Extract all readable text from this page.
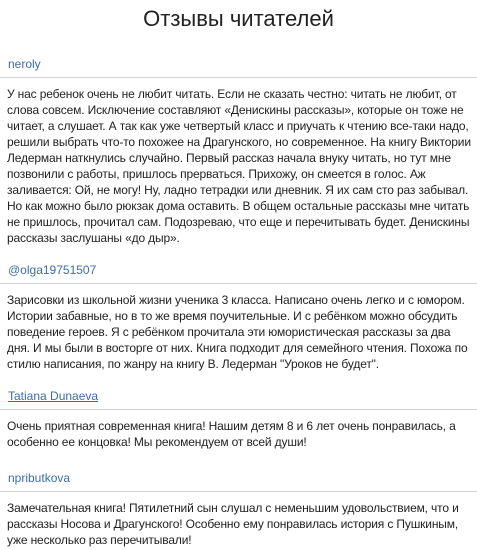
Отзывы читателей
neroly

У нас ребенок очень не любит читать. Если не сказать честно: читать не любит, от слова совсем. Исключение составляют «Денискины рассказы», которые он тоже не читает, а слушает. А так как уже четвертый класс и приучать к чтению все-таки надо, решили выбрать что-то похожее на Драгунского, но современное. На книгу Виктории Ледерман наткнулись случайно. Первый рассказ начала внуку читать, но тут мне позвонили с работы, пришлось прерваться. Прихожу, он смеется в голос. Аж заливается: Ой, не могу! Ну, ладно тетрадки или дневник. Я их сам сто раз забывал. Но как можно было рюкзак дома оставить. В общем остальные рассказы мне читать не пришлось, прочитал сам. Подозреваю, что еще и перечитывать будет. Денискины рассказы заслушаны «до дыр».

@olga19751507

Зарисовки из школьной жизни ученика 3 класса. Написано очень легко и с юмором. Истории забавные, но в то же время поучительные. И с ребёнком можно обсудить поведение героев. Я с ребёнком прочитала эти юмористическая рассказы за два дня. И мы были в восторге от них. Книга подходит для семейного чтения. Похожа по стилю написания, по жанру на книгу В. Ледерман "Уроков не будет".

Tatiana Dunaeva

Очень приятная современная книга! Нашим детям 8 и 6 лет очень понравилась, а особенно ее концовка! Мы рекомендуем от всей души!

npributkova

Замечательная книга! Пятилетний сын слушал с неменьшим удовольствием, что и рассказы Носова и Драгунского! Особенно ему понравилась история с Пушкиным, уже несколько раз перечитывали!
